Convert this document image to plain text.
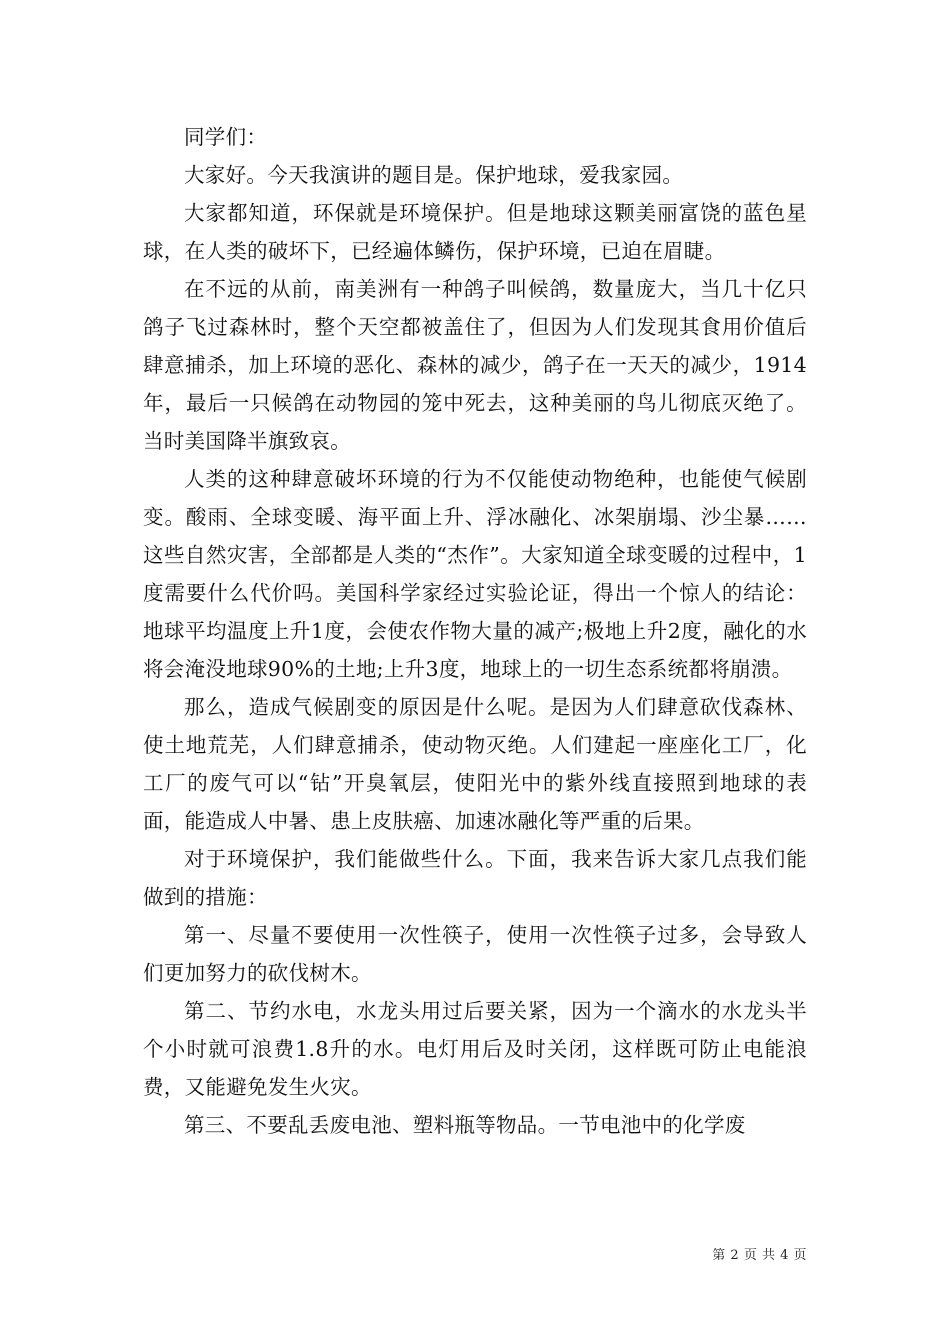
同学们：

大家好。今天我演讲的题目是。保护地球，爱我家园。

大家都知道，环保就是环境保护。但是地球这颗美丽富饶的蓝色星球，在人类的破坏下，已经遍体鳞伤，保护环境，已迫在眉睫。

在不远的从前，南美洲有一种鸽子叫候鸽，数量庞大，当几十亿只鸽子飞过森林时，整个天空都被盖住了，但因为人们发现其食用价值后肆意捕杀，加上环境的恶化、森林的减少，鸽子在一天天的减少，1914年，最后一只候鸽在动物园的笼中死去，这种美丽的鸟儿彻底灭绝了。当时美国降半旗致哀。

人类的这种肆意破坏环境的行为不仅能使动物绝种，也能使气候剧变。酸雨、全球变暖、海平面上升、浮冰融化、冰架崩塌、沙尘暴……这些自然灾害，全部都是人类的“杰作”。大家知道全球变暖的过程中，1度需要什么代价吗。美国科学家经过实验论证，得出一个惊人的结论：地球平均温度上升1度，会使农作物大量的减产;极地上升2度，融化的水将会淹没地球90%的土地;上升3度，地球上的一切生态系统都将崩溃。

那么，造成气候剧变的原因是什么呢。是因为人们肆意砍伐森林、使土地荒芜，人们肆意捕杀，使动物灭绝。人们建起一座座化工厂，化工厂的废气可以“钻”开臭氧层，使阳光中的紫外线直接照到地球的表面，能造成人中暑、患上皮肤癌、加速冰融化等严重的后果。

对于环境保护，我们能做些什么。下面，我来告诉大家几点我们能做到的措施：

第一、尽量不要使用一次性筷子，使用一次性筷子过多，会导致人们更加努力的砍伐树木。

第二、节约水电，水龙头用过后要关紧，因为一个滴水的水龙头半个小时就可浪费1.8升的水。电灯用后及时关闭，这样既可防止电能浪费，又能避免发生火灾。

第三、不要乱丢废电池、塑料瓶等物品。一节电池中的化学废

第 2 页 共 4 页
